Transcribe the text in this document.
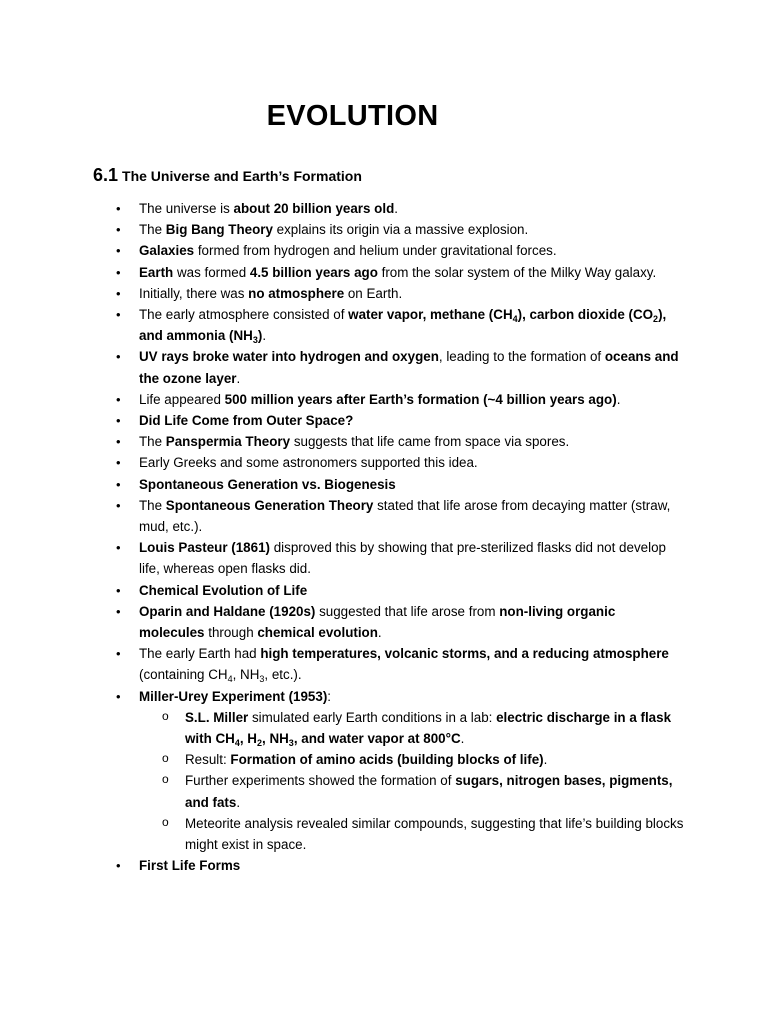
EVOLUTION
6.1 The Universe and Earth’s Formation
• The universe is about 20 billion years old.
• The Big Bang Theory explains its origin via a massive explosion.
• Galaxies formed from hydrogen and helium under gravitational forces.
• Earth was formed 4.5 billion years ago from the solar system of the Milky Way galaxy.
• Initially, there was no atmosphere on Earth.
• The early atmosphere consisted of water vapor, methane $(CH_4)$, carbon dioxide $(CO_2)$, and ammonia $(NH_3)$.
• UV rays broke water into hydrogen and oxygen, leading to the formation of oceans and the ozone layer.
• Life appeared 500 million years after Earth’s formation (~4 billion years ago).
• Did Life Come from Outer Space?
• The Panspermia Theory suggests that life came from space via spores.
• Early Greeks and some astronomers supported this idea.
• Spontaneous Generation vs. Biogenesis
• The Spontaneous Generation Theory stated that life arose from decaying matter (straw, mud, etc.).
• Louis Pasteur (1861) disproved this by showing that pre-sterilized flasks did not develop life, whereas open flasks did.
• Chemical Evolution of Life
• Oparin and Haldane (1920s) suggested that life arose from non-living organic molecules through chemical evolution.
• The early Earth had high temperatures, volcanic storms, and a reducing atmosphere (containing $CH_4$, $NH_3$, etc.).
• Miller-Urey Experiment (1953):
o S.L. Miller simulated early Earth conditions in a lab: electric discharge in a flask with $CH_4$, $H_2$, $NH_3$, and water vapor at 800°C.
o Result: Formation of amino acids (building blocks of life).
o Further experiments showed the formation of sugars, nitrogen bases, pigments, and fats.
o Meteorite analysis revealed similar compounds, suggesting that life’s building blocks might exist in space.
• First Life Forms
